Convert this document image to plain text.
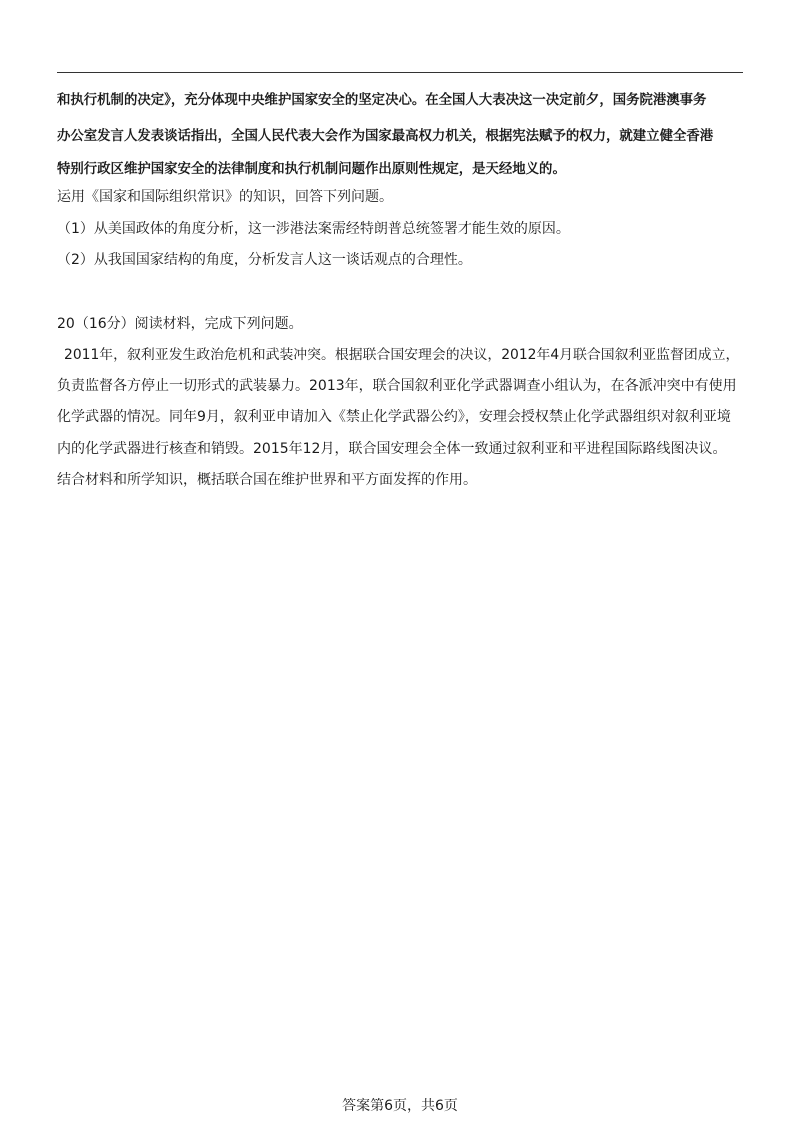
和执行机制的决定》，充分体现中央维护国家安全的坚定决心。在全国人大表决这一决定前夕，国务院港澳事务
办公室发言人发表谈话指出，全国人民代表大会作为国家最高权力机关，根据宪法赋予的权力，就建立健全香港
特别行政区维护国家安全的法律制度和执行机制问题作出原则性规定，是天经地义的。
运用《国家和国际组织常识》的知识，回答下列问题。
（1）从美国政体的角度分析，这一涉港法案需经特朗普总统签署才能生效的原因。
（2）从我国国家结构的角度，分析发言人这一谈话观点的合理性。
20（16分）阅读材料，完成下列问题。
2011年，叙利亚发生政治危机和武装冲突。根据联合国安理会的决议，2012年4月联合国叙利亚监督团成立，
负责监督各方停止一切形式的武装暴力。2013年，联合国叙利亚化学武器调查小组认为，在各派冲突中有使用
化学武器的情况。同年9月，叙利亚申请加入《禁止化学武器公约》，安理会授权禁止化学武器组织对叙利亚境
内的化学武器进行核查和销毁。2015年12月，联合国安理会全体一致通过叙利亚和平进程国际路线图决议。
结合材料和所学知识，概括联合国在维护世界和平方面发挥的作用。
答案第6页，共6页
